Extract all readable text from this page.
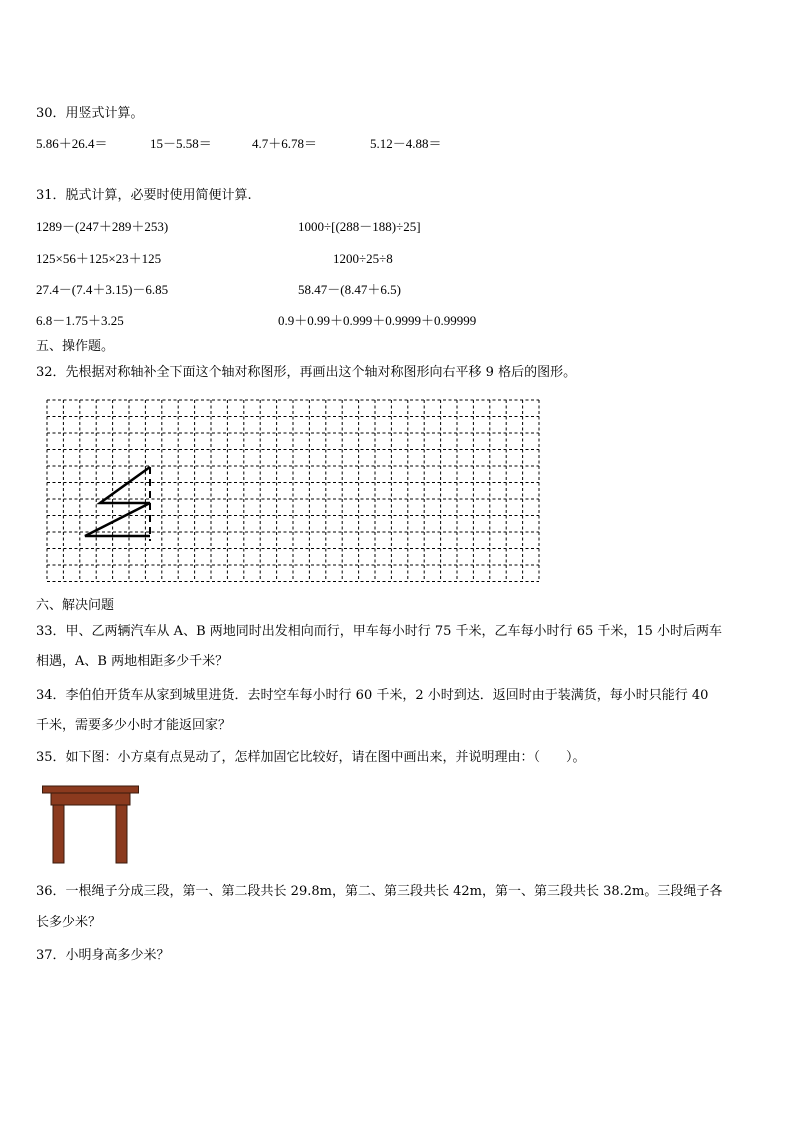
30．用竖式计算。
5.86＋26.4＝	15－5.58＝	4.7＋6.78＝	5.12－4.88＝
31．脱式计算，必要时使用简便计算.
1289－(247＋289＋253)	1000÷[(288－188)÷25]
125×56＋125×23＋125	1200÷25÷8
27.4－(7.4＋3.15)－6.85	58.47－(8.47＋6.5)
6.8－1.75＋3.25	0.9＋0.99＋0.999＋0.9999＋0.99999
五、操作题。
32．先根据对称轴补全下面这个轴对称图形，再画出这个轴对称图形向右平移 9 格后的图形。
六、解决问题
33．甲、乙两辆汽车从 A、B 两地同时出发相向而行，甲车每小时行 75 千米，乙车每小时行 65 千米，15 小时后两车
相遇，A、B 两地相距多少千米？
34．李伯伯开货车从家到城里进货．去时空车每小时行 60 千米，2 小时到达．返回时由于装满货，每小时只能行 40
千米，需要多少小时才能返回家？
35．如下图：小方桌有点晃动了，怎样加固它比较好，请在图中画出来，并说明理由：（　　）。
36．一根绳子分成三段，第一、第二段共长 29.8m，第二、第三段共长 42m，第一、第三段共长 38.2m。三段绳子各
长多少米？
37．小明身高多少米？
